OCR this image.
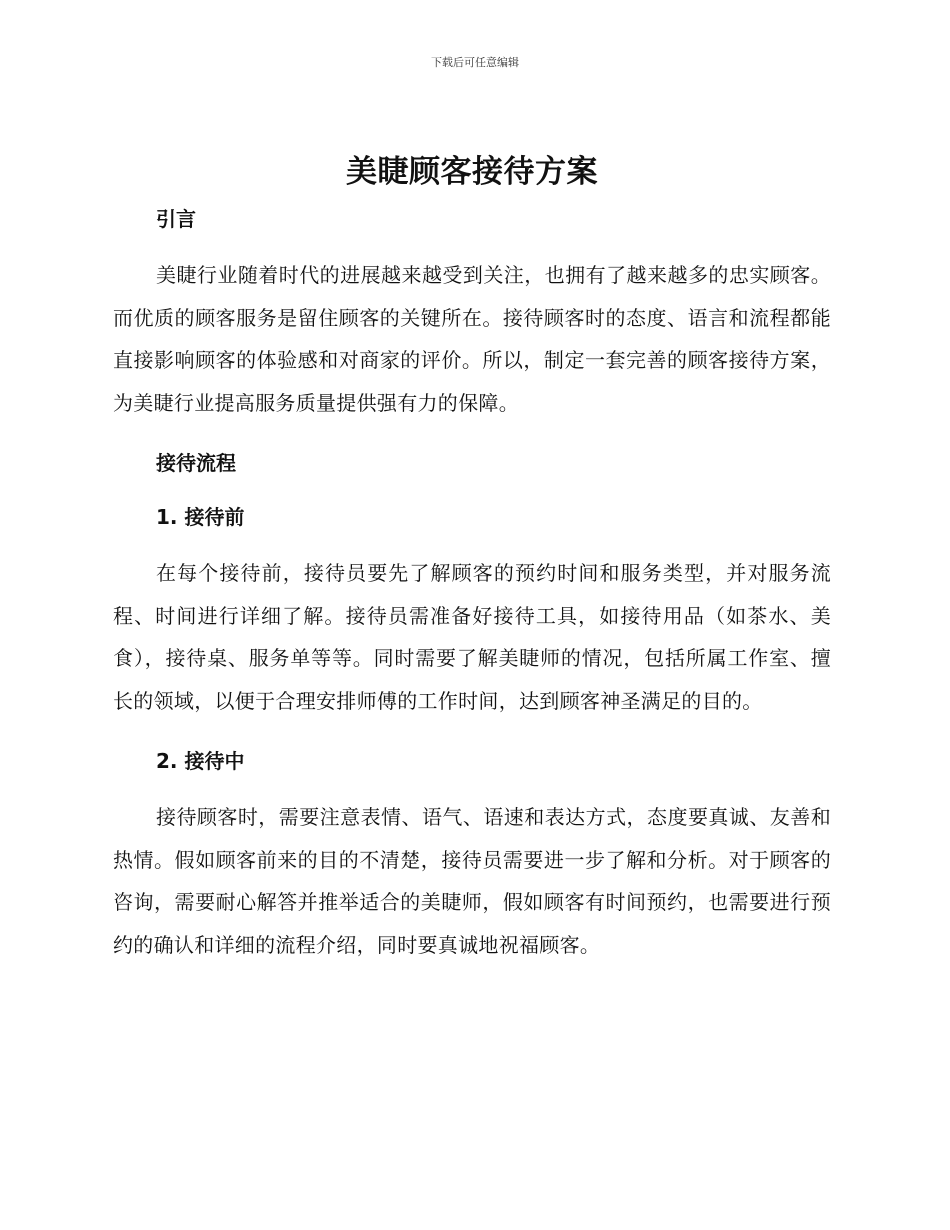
下载后可任意编辑
美睫顾客接待方案
引言

美睫行业随着时代的进展越来越受到关注，也拥有了越来越多的忠实顾客。而优质的顾客服务是留住顾客的关键所在。接待顾客时的态度、语言和流程都能直接影响顾客的体验感和对商家的评价。所以，制定一套完善的顾客接待方案，为美睫行业提高服务质量提供强有力的保障。

接待流程
1. 接待前

在每个接待前，接待员要先了解顾客的预约时间和服务类型，并对服务流程、时间进行详细了解。接待员需准备好接待工具，如接待用品（如茶水、美食），接待桌、服务单等等。同时需要了解美睫师的情况，包括所属工作室、擅长的领域，以便于合理安排师傅的工作时间，达到顾客神圣满足的目的。

2. 接待中

接待顾客时，需要注意表情、语气、语速和表达方式，态度要真诚、友善和热情。假如顾客前来的目的不清楚，接待员需要进一步了解和分析。对于顾客的咨询，需要耐心解答并推举适合的美睫师，假如顾客有时间预约，也需要进行预约的确认和详细的流程介绍，同时要真诚地祝福顾客。
